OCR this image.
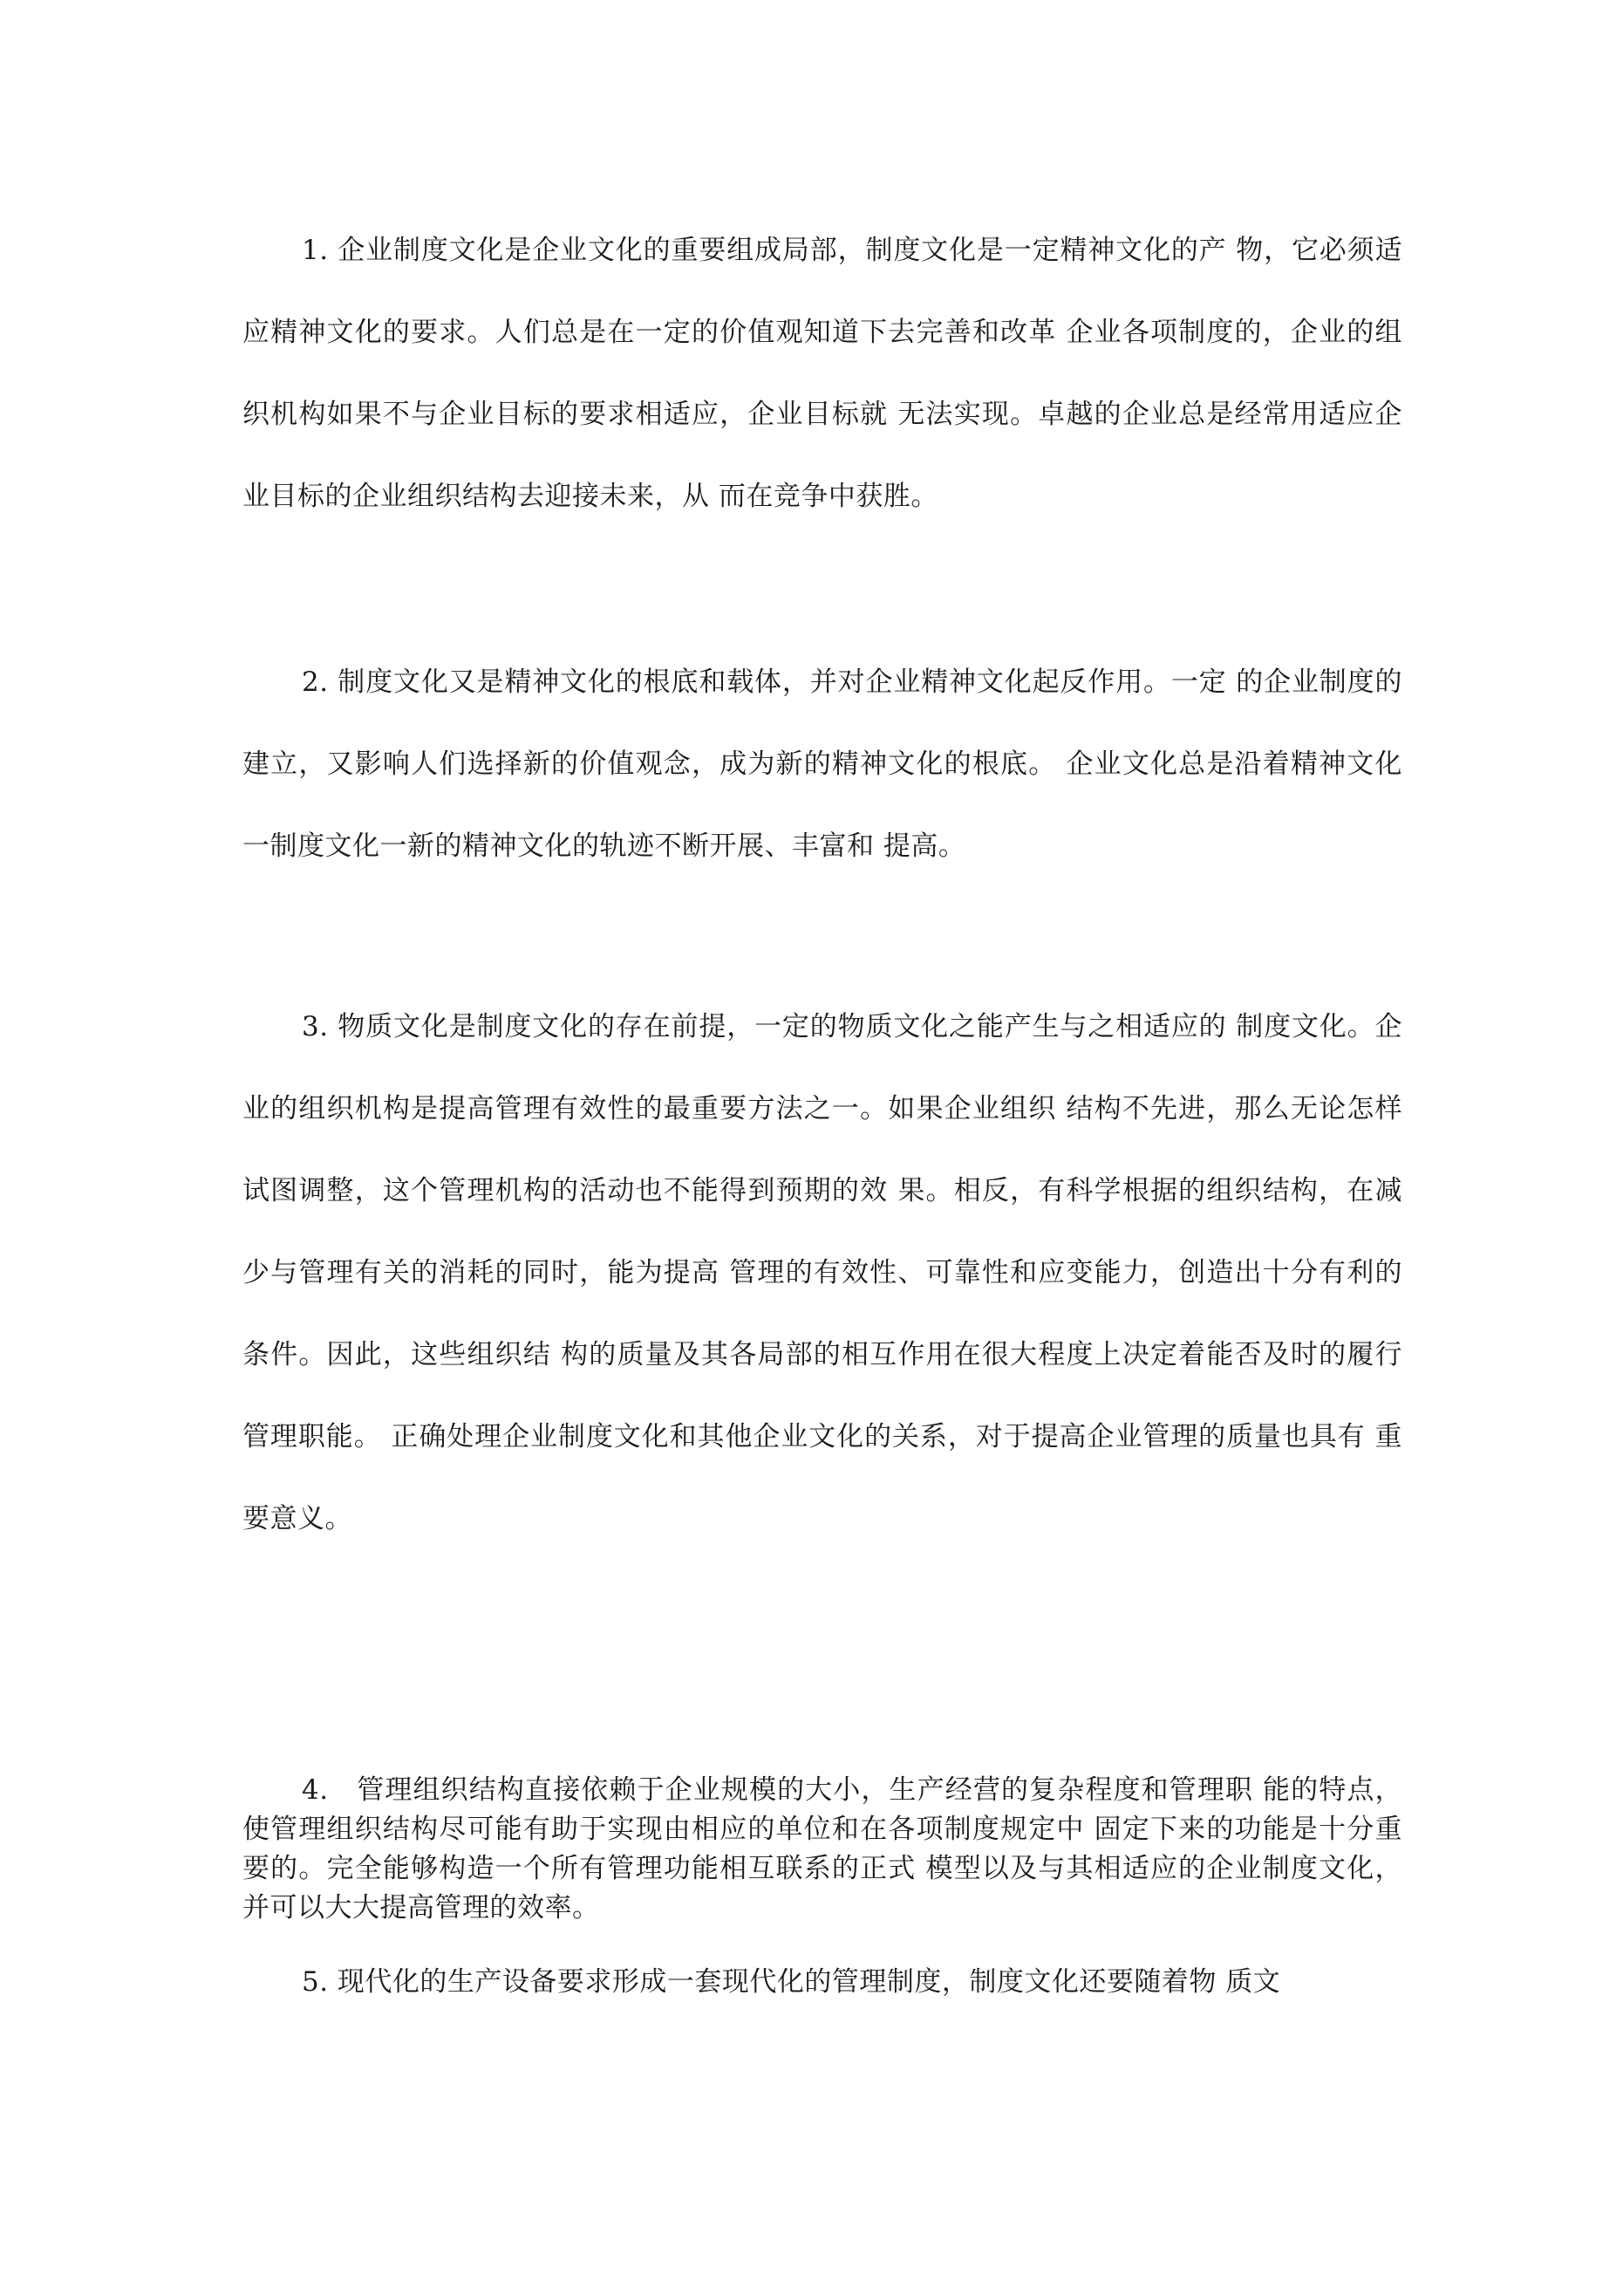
1. 企业制度文化是企业文化的重要组成局部，制度文化是一定精神文化的产 物，它必须适应精神文化的要求。人们总是在一定的价值观知道下去完善和改革 企业各项制度的，企业的组织机构如果不与企业目标的要求相适应，企业目标就 无法实现。卓越的企业总是经常用适应企业目标的企业组织结构去迎接未来，从 而在竞争中获胜。

2. 制度文化又是精神文化的根底和载体，并对企业精神文化起反作用。一定 的企业制度的建立，又影响人们选择新的价值观念，成为新的精神文化的根底。 企业文化总是沿着精神文化一制度文化一新的精神文化的轨迹不断开展、丰富和 提高。

3. 物质文化是制度文化的存在前提，一定的物质文化之能产生与之相适应的 制度文化。企业的组织机构是提高管理有效性的最重要方法之一。如果企业组织 结构不先进，那么无论怎样试图调整，这个管理机构的活动也不能得到预期的效 果。相反，有科学根据的组织结构，在减少与管理有关的消耗的同时，能为提高 管理的有效性、可靠性和应变能力，创造出十分有利的条件。因此，这些组织结 构的质量及其各局部的相互作用在很大程度上决定着能否及时的履行管理职能。 正确处理企业制度文化和其他企业文化的关系，对于提高企业管理的质量也具有 重要意义。

4.　管理组织结构直接依赖于企业规模的大小，生产经营的复杂程度和管理职 能的特点，使管理组织结构尽可能有助于实现由相应的单位和在各项制度规定中 固定下来的功能是十分重要的。完全能够构造一个所有管理功能相互联系的正式 模型以及与其相适应的企业制度文化，并可以大大提高管理的效率。

5. 现代化的生产设备要求形成一套现代化的管理制度，制度文化还要随着物 质文
